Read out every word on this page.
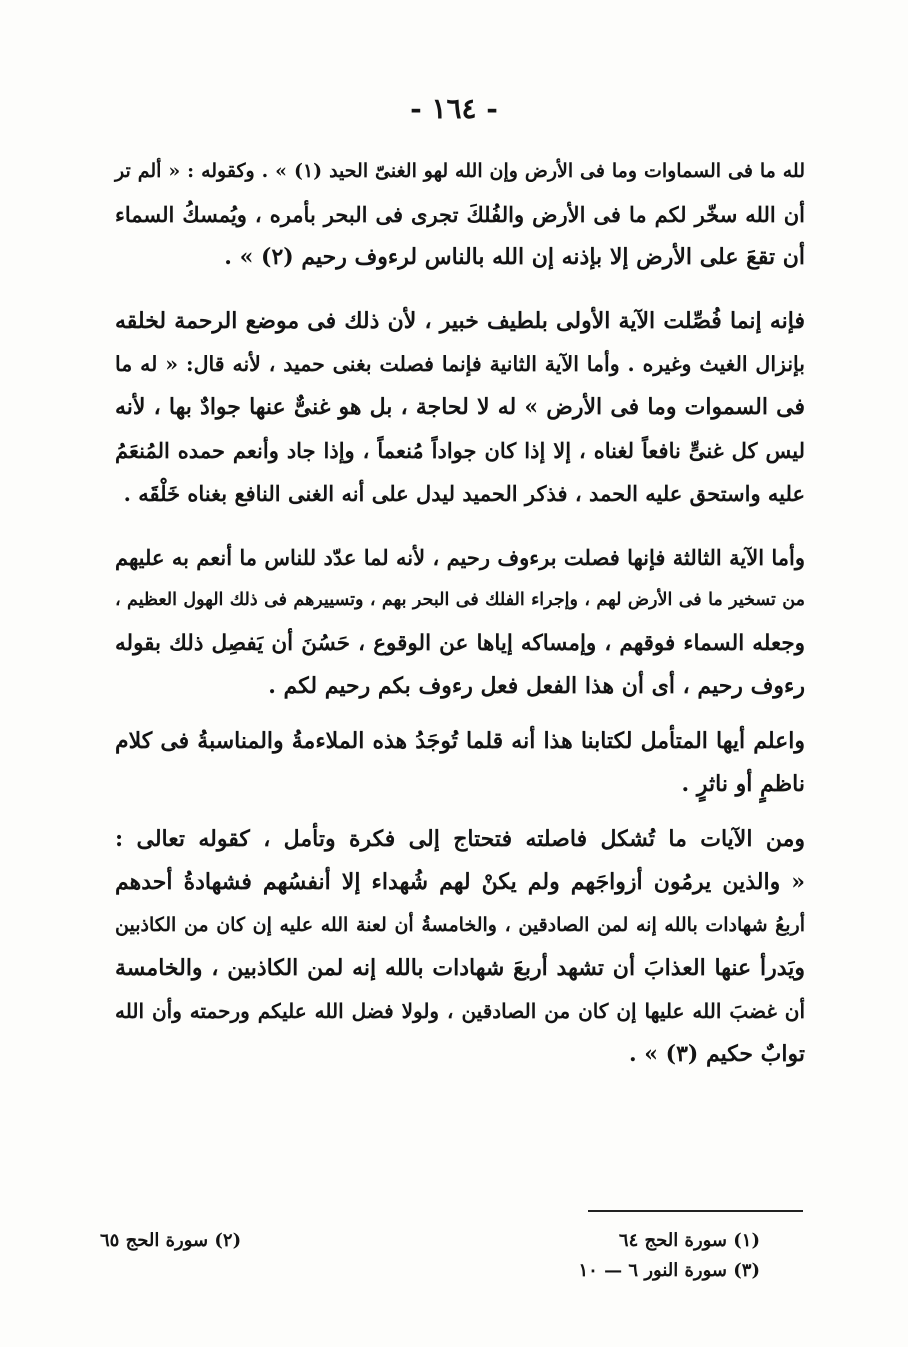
- ١٦٤ -
لله ما فى السماوات وما فى الأرض وإن الله لهو الغنىّ الحيد (١) » . وكقوله : « ألم تر
أن الله سخّر لكم ما فى الأرض والفُلكَ تجرى فى البحر بأمره ، ويُمسكُ السماء
أن تقعَ على الأرض إلا بإذنه إن الله بالناس لرءوف رحيم (٢) » .
فإنه إنما فُصِّلت الآية الأولى بلطيف خبير ، لأن ذلك فى موضع الرحمة لخلقه
بإنزال الغيث وغيره . وأما الآية الثانية فإنما فصلت بغنى حميد ، لأنه قال: « له ما
فى السموات وما فى الأرض » له لا لحاجة ، بل هو غنىٌّ عنها جوادٌ بها ، لأنه
ليس كل غنىٍّ نافعاً لغناه ، إلا إذا كان جواداً مُنعماً ، وإذا جاد وأنعم حمده المُنعَمُ
عليه واستحق عليه الحمد ، فذكر الحميد ليدل على أنه الغنى النافع بغناه خَلْقَه .
وأما الآية الثالثة فإنها فصلت برءوف رحيم ، لأنه لما عدّد للناس ما أنعم به عليهم
من تسخير ما فى الأرض لهم ، وإجراء الفلك فى البحر بهم ، وتسييرهم فى ذلك الهول العظيم ،
وجعله السماء فوقهم ، وإمساكه إياها عن الوقوع ، حَسُنَ أن يَفصِل ذلك بقوله
رءوف رحيم ، أى أن هذا الفعل فعل رءوف بكم رحيم لكم .
واعلم أيها المتأمل لكتابنا هذا أنه قلما تُوجَدُ هذه الملاءمةُ والمناسبةُ فى كلام
ناظمٍ أو ناثرٍ .
ومن الآيات ما تُشكل فاصلته فتحتاج إلى فكرة وتأمل ، كقوله تعالى :
« والذين يرمُون أزواجَهم ولم يكنْ لهم شُهداء إلا أنفسُهم فشهادةُ أحدهم
أربعُ شهادات بالله إنه لمن الصادقين ، والخامسةُ أن لعنة الله عليه إن كان من الكاذبين
ويَدرأ عنها العذابَ أن تشهد أربعَ شهادات بالله إنه لمن الكاذبين ، والخامسة
أن غضبَ الله عليها إن كان من الصادقين ، ولولا فضل الله عليكم ورحمته وأن الله
توابٌ حكيم (٣) » .
(١) سورة الحج ٦٤
(٢) سورة الحج ٦٥
(٣) سورة النور ٦ — ١٠
